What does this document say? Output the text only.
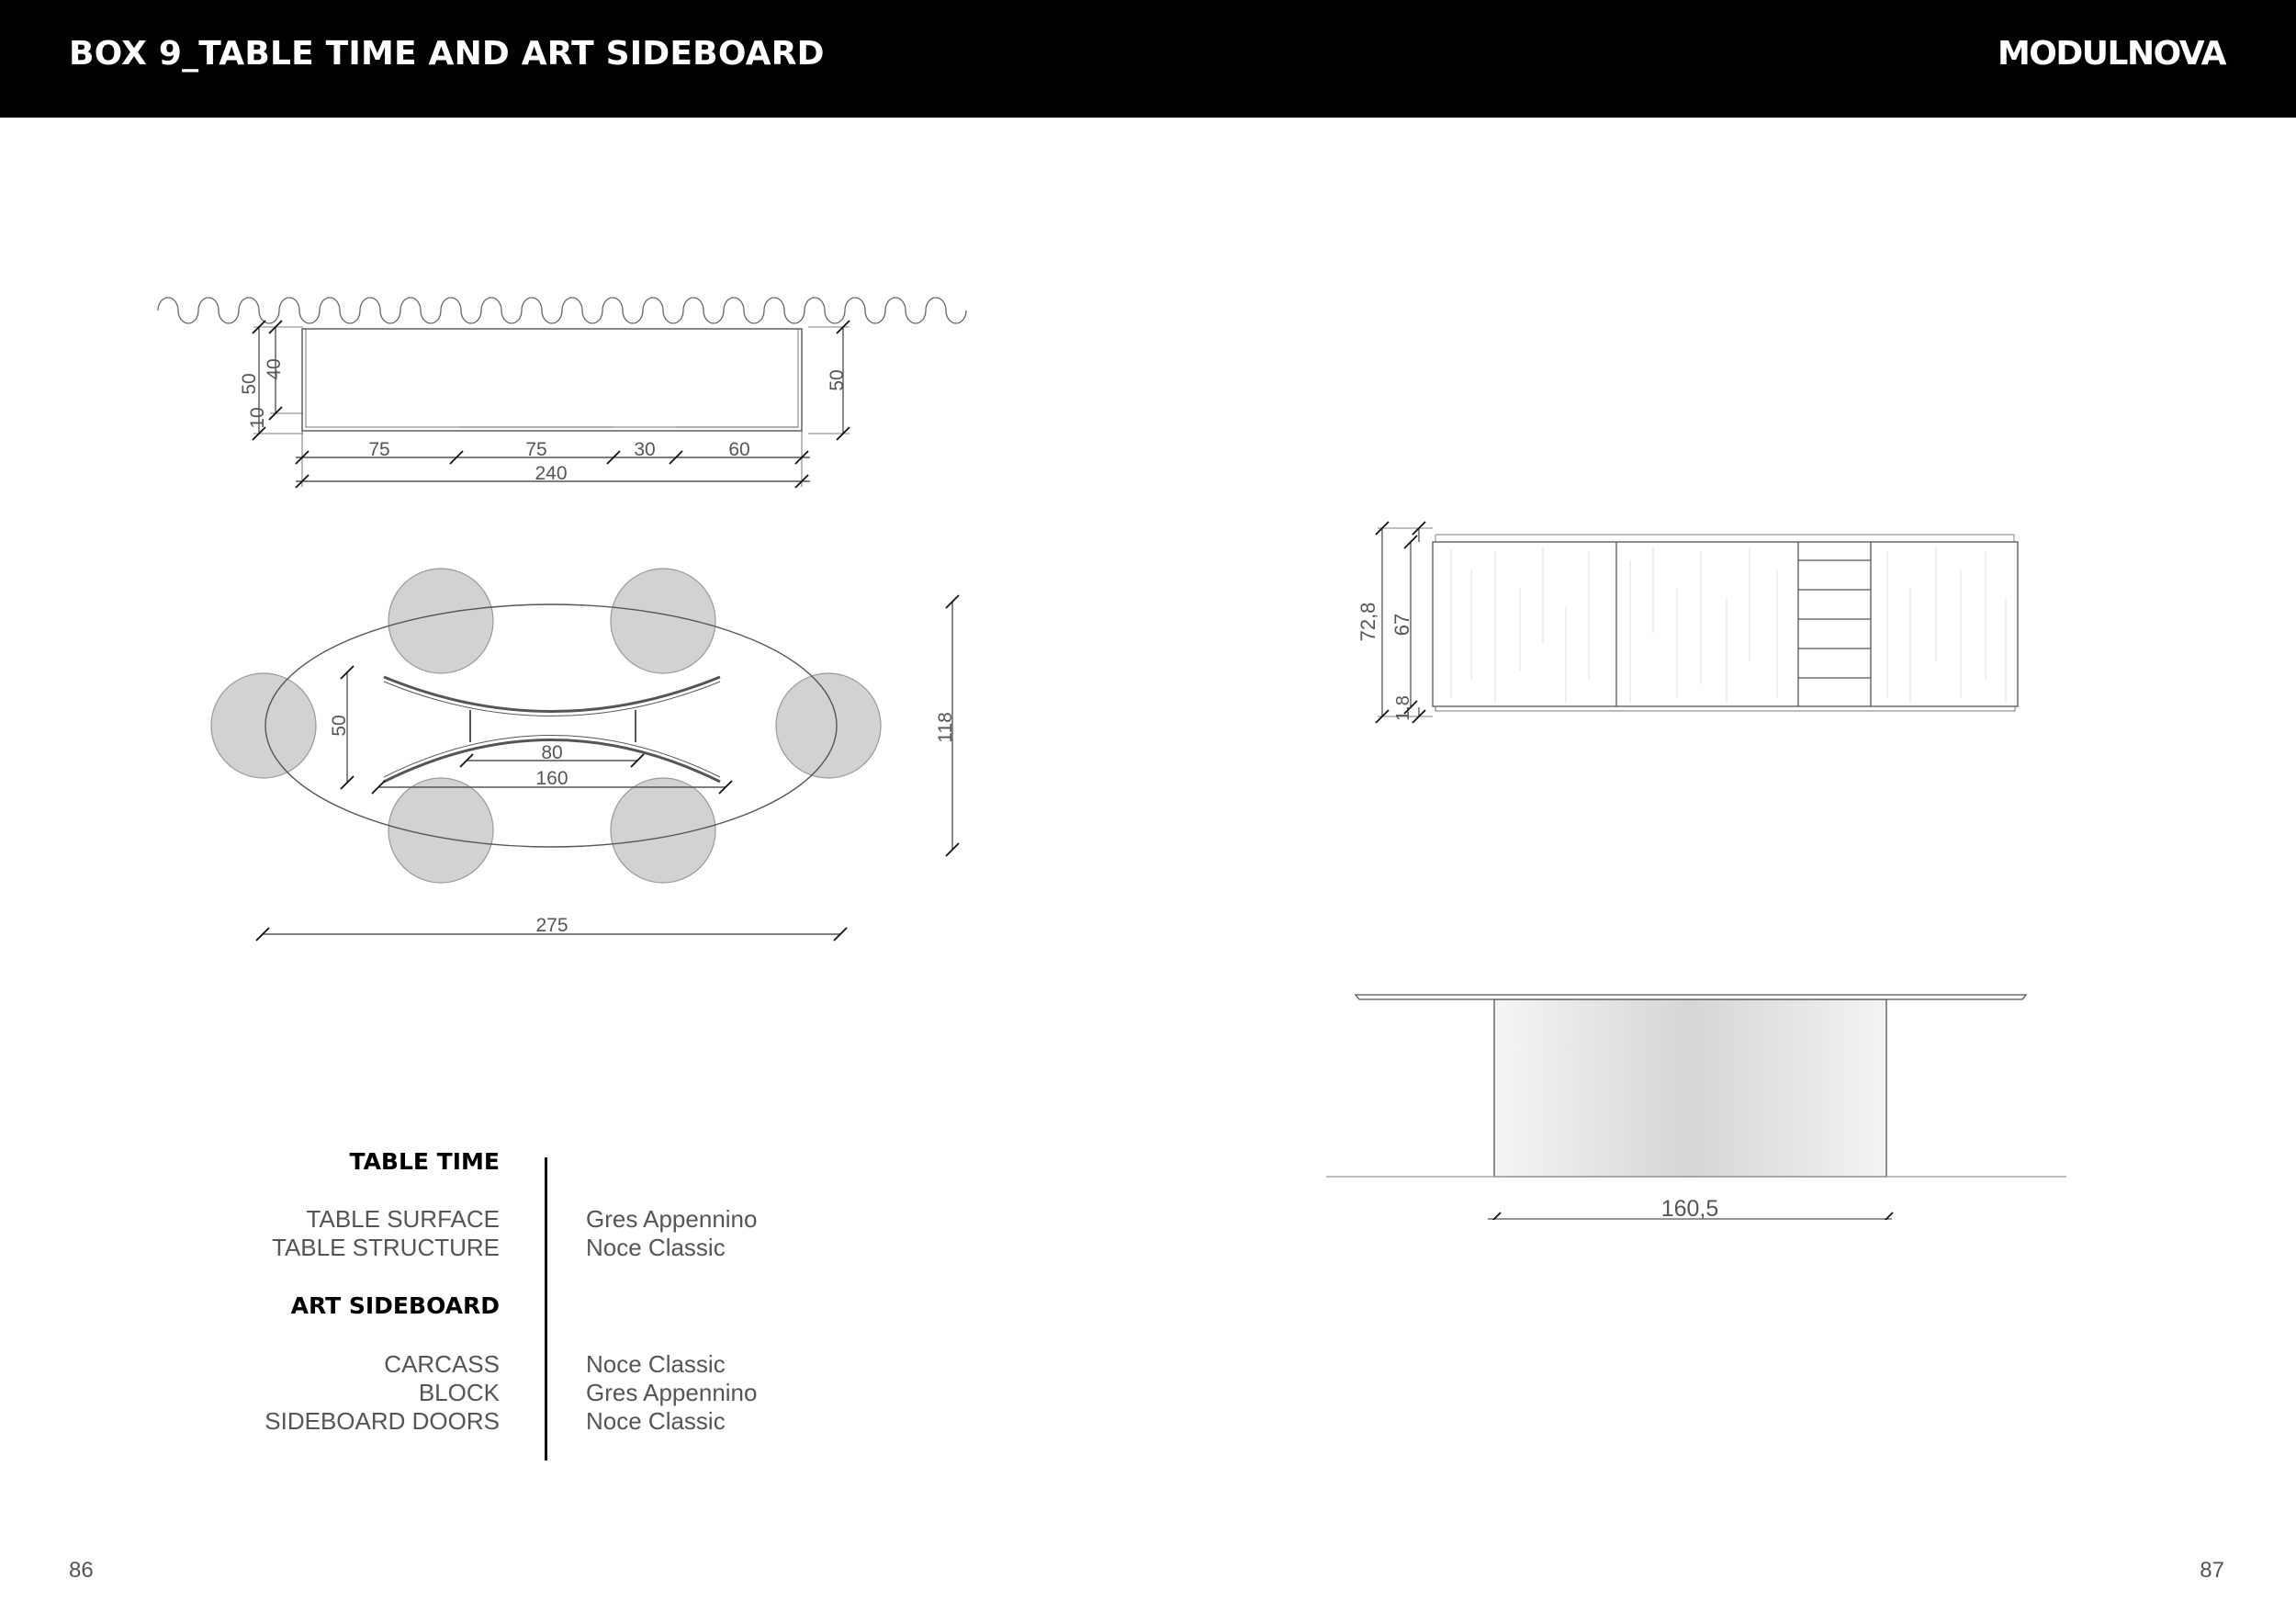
BOX 9_TABLE TIME AND ART SIDEBOARD	MODULNOVA
10
50
40
50
75	75	30	60
240
50
80
160
118
275
72,8 67
1,8
160,5
TABLE TIME
TABLE SURFACE	Gres Appennino
TABLE STRUCTURE	Noce Classic
ART SIDEBOARD
CARCASS	Noce Classic
BLOCK	Gres Appennino
SIDEBOARD DOORS	Noce Classic
86	87
